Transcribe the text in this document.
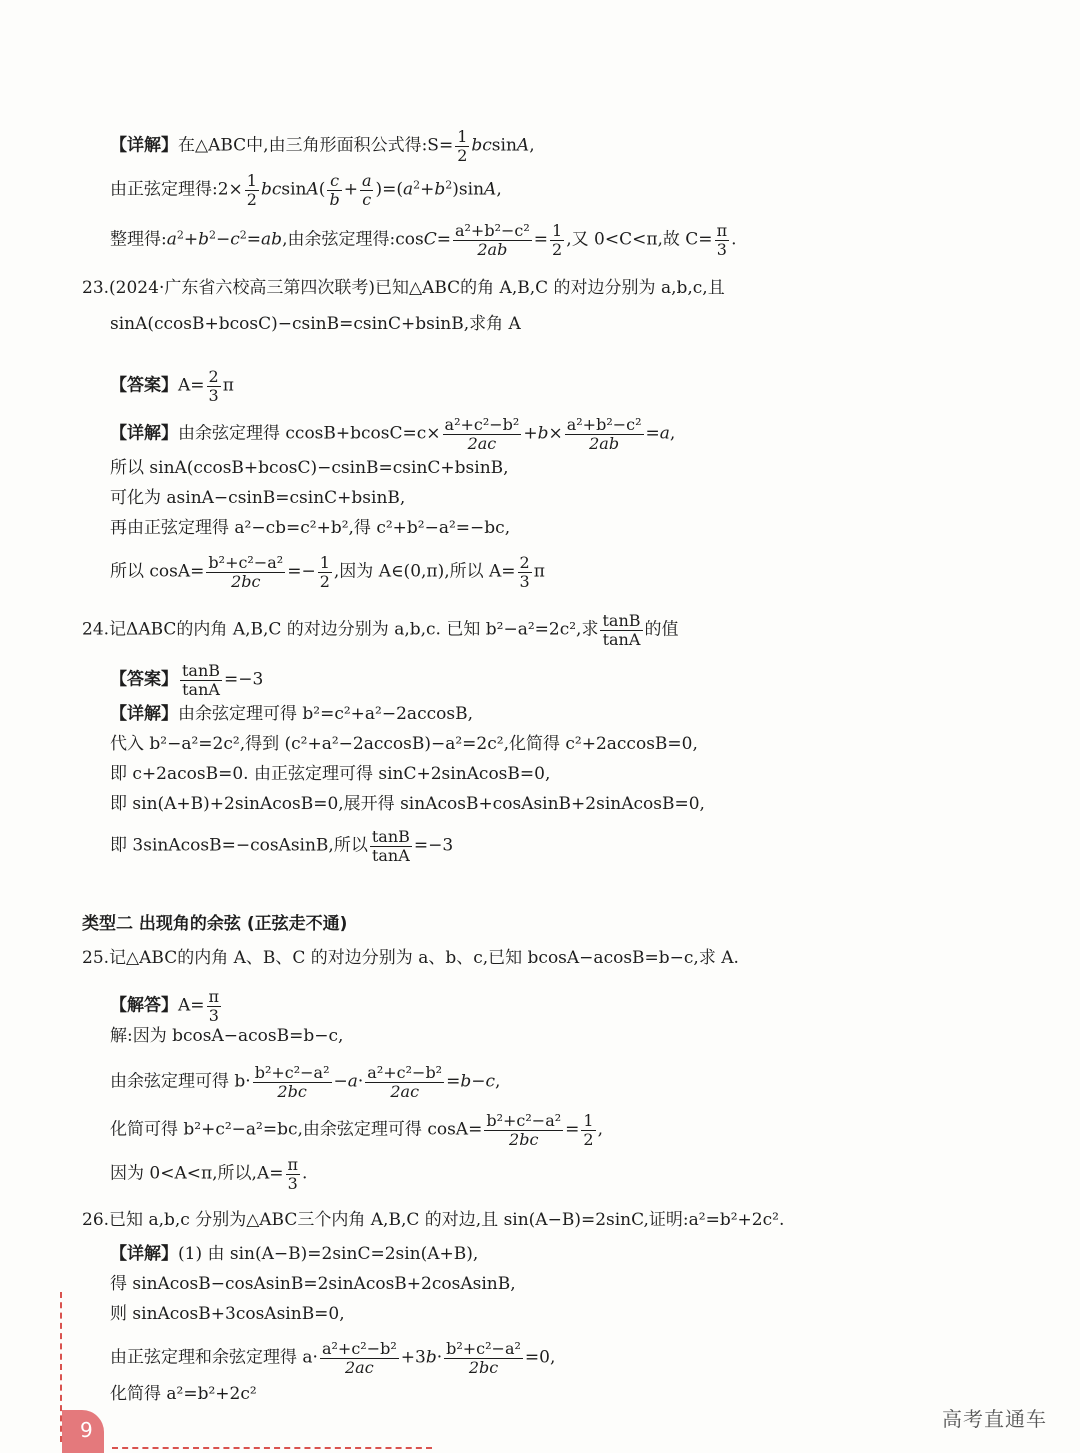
【详解】在△ABC中,由三角形面积公式得:S= $\frac{1}{2} bcsinA$,
由正弦定理得:2× $\frac{1}{2} bcsinA( \frac{c}{b} + \frac{a}{c} )=(a^2+b^2)\sin A$,
整理得$:a^2+b^2-c^2=ab$,由余弦定理得:cosC= $\frac{\text{a²+b²−c²}}{2ab} = \frac{1}{2}$ ,又 0<C<π,故 $C= \frac{\pi}{3}$ .
23.(2024·广东省六校高三第四次联考)已知△ABC的角 A,B,C 的对边分别为 a,b,c,且
sinA(ccosB+bcosC)−csinB=csinC+bsinB,求角 A
【答案】$A= \frac{2}{3}$ π
【详解】由余弦定理得 $ccosB+bcosC=c\times \frac{\text{a²+c²−b²}}{2ac} +b\times \frac{\text{a²+b²−c²}}{2ab} =a$,
所以 sinA(ccosB+bcosC)−csinB=csinC+bsinB,
可化为 asinA−csinB=csinC+bsinB,
再由正弦定理得 a²−cb=c²+b²,得 c²+b²−a²=−bc,
所以 $\cos A= \frac{\text{b²+c²−a²}}{2bc} =- \frac{1}{2}$ ,因为 A∈(0,π),所以 $A= \frac{2}{3}$ π
24.记ΔABC的内角 A,B,C 的对边分别为 a,b,c. 已知 b²−a²=2c²,求 $\frac{\tan B}{\tan A}$ 的值
【答案】 $\frac{\tan B}{\tan A} =-3$
【详解】由余弦定理可得 b²=c²+a²−2accosB,
代入 b²−a²=2c²,得到 (c²+a²−2accosB)−a²=2c²,化简得 c²+2accosB=0,
即 c+2acosB=0. 由正弦定理可得 sinC+2sinAcosB=0,
即 sin(A+B)+2sinAcosB=0,展开得 sinAcosB+cosAsinB+2sinAcosB=0,
即 3sinAcosB=−cosAsinB,所以 $\frac{\tan B}{\tan A} =-3$
类型二 出现角的余弦 (正弦走不通)
25.记△ABC的内角 A、B、C 的对边分别为 a、b、c,已知 bcosA−acosB=b−c,求 A.
【解答】$A= \frac{\pi}{3}$
解:因为 bcosA−acosB=b−c,
由余弦定理可得 $b\cdot \frac{\text{b²+c²−a²}}{2bc} -a\cdot \frac{\text{a²+c²−b²}}{2ac} =b-c$,
化简可得 b²+c²−a²=bc,由余弦定理可得 $\cos A= \frac{\text{b²+c²−a²}}{2bc} = \frac{1}{2}$ ,
因为 0<A<π,所以$,A= \frac{\pi}{3}$ .
26.已知 a,b,c 分别为△ABC三个内角 A,B,C 的对边,且 sin(A−B)=2sinC,证明:a²=b²+2c².
【详解】(1) 由 sin(A−B)=2sinC=2sin(A+B),
得 sinAcosB−cosAsinB=2sinAcosB+2cosAsinB,
则 sinAcosB+3cosAsinB=0,
由正弦定理和余弦定理得 $a\cdot \frac{\text{a²+c²−b²}}{2ac} +3b\cdot \frac{\text{b²+c²−a²}}{2bc} =0$,
化简得 a²=b²+2c²
9	高考直通车
